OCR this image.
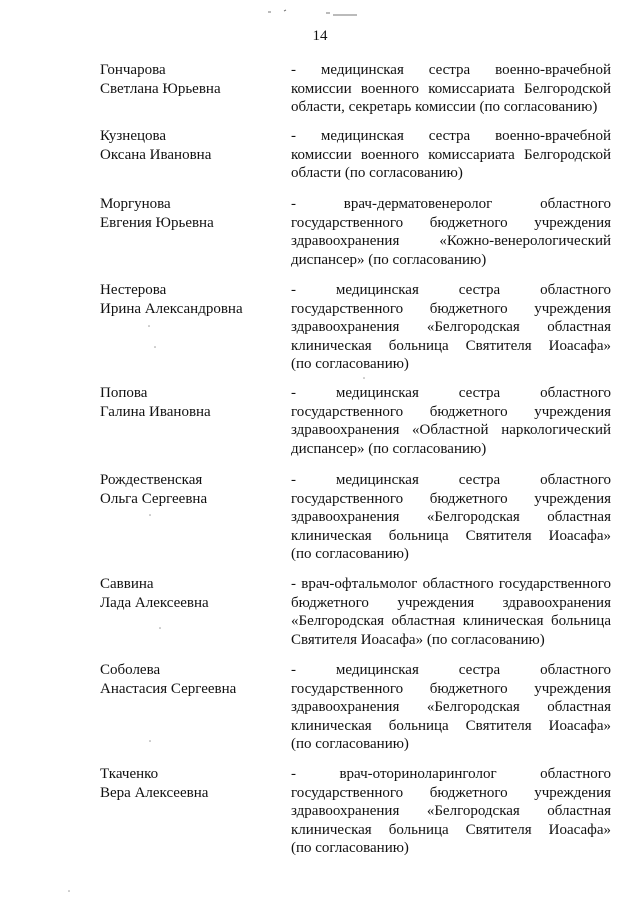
14
Гончарова
Светлана Юрьевна
- медицинская сестра военно-врачебной
комиссии военного комиссариата Белгородской
области, секретарь комиссии (по согласованию)
Кузнецова
Оксана Ивановна
- медицинская сестра военно-врачебной
комиссии военного комиссариата Белгородской
области (по согласованию)
Моргунова
Евгения Юрьевна
- врач-дерматовенеролог областного
государственного бюджетного учреждения
здравоохранения «Кожно-венерологический
диспансер» (по согласованию)
Нестерова
Ирина Александровна
- медицинская сестра областного
государственного бюджетного учреждения
здравоохранения «Белгородская областная
клиническая больница Святителя Иоасафа»
(по согласованию)
Попова
Галина Ивановна
- медицинская сестра областного
государственного бюджетного учреждения
здравоохранения «Областной наркологический
диспансер» (по согласованию)
Рождественская
Ольга Сергеевна
- медицинская сестра областного
государственного бюджетного учреждения
здравоохранения «Белгородская областная
клиническая больница Святителя Иоасафа»
(по согласованию)
Саввина
Лада Алексеевна
- врач-офтальмолог областного государственного
бюджетного учреждения здравоохранения
«Белгородская областная клиническая больница
Святителя Иоасафа» (по согласованию)
Соболева
Анастасия Сергеевна
- медицинская сестра областного
государственного бюджетного учреждения
здравоохранения «Белгородская областная
клиническая больница Святителя Иоасафа»
(по согласованию)
Ткаченко
Вера Алексеевна
- врач-оториноларинголог областного
государственного бюджетного учреждения
здравоохранения «Белгородская областная
клиническая больница Святителя Иоасафа»
(по согласованию)
